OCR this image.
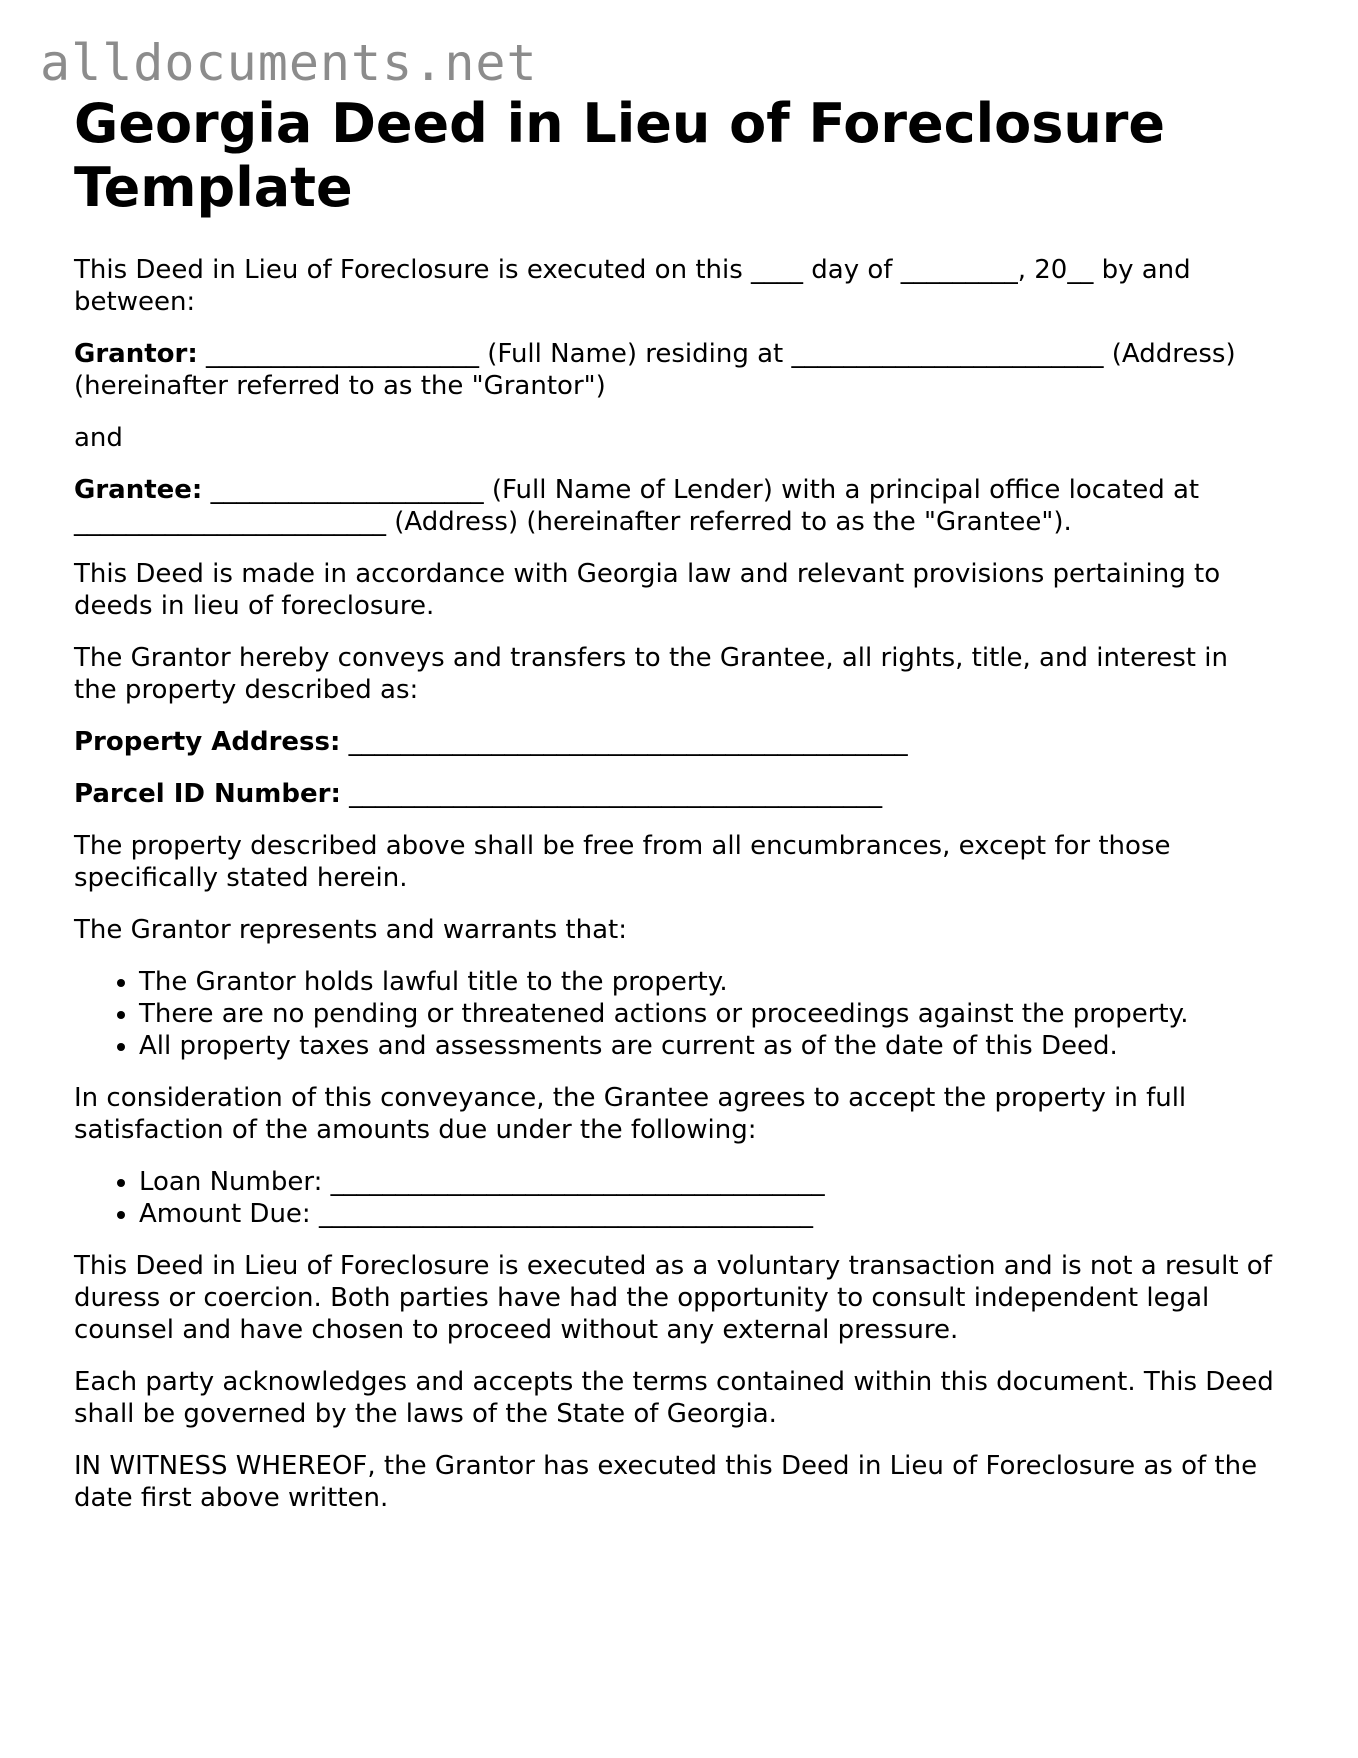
alldocuments.net
Georgia Deed in Lieu of Foreclosure Template

This Deed in Lieu of Foreclosure is executed on this ____ day of _________, 20__ by and between:

Grantor: _____________________ (Full Name) residing at ________________________ (Address) (hereinafter referred to as the "Grantor")

and

Grantee: _____________________ (Full Name of Lender) with a principal office located at ________________________ (Address) (hereinafter referred to as the "Grantee").

This Deed is made in accordance with Georgia law and relevant provisions pertaining to deeds in lieu of foreclosure.

The Grantor hereby conveys and transfers to the Grantee, all rights, title, and interest in the property described as:

Property Address: ___________________________________________

Parcel ID Number: _________________________________________

The property described above shall be free from all encumbrances, except for those specifically stated herein.

The Grantor represents and warrants that:

• The Grantor holds lawful title to the property.
• There are no pending or threatened actions or proceedings against the property.
• All property taxes and assessments are current as of the date of this Deed.

In consideration of this conveyance, the Grantee agrees to accept the property in full satisfaction of the amounts due under the following:

• Loan Number: ______________________________________
• Amount Due: ______________________________________

This Deed in Lieu of Foreclosure is executed as a voluntary transaction and is not a result of duress or coercion. Both parties have had the opportunity to consult independent legal counsel and have chosen to proceed without any external pressure.

Each party acknowledges and accepts the terms contained within this document. This Deed shall be governed by the laws of the State of Georgia.

IN WITNESS WHEREOF, the Grantor has executed this Deed in Lieu of Foreclosure as of the date first above written.
